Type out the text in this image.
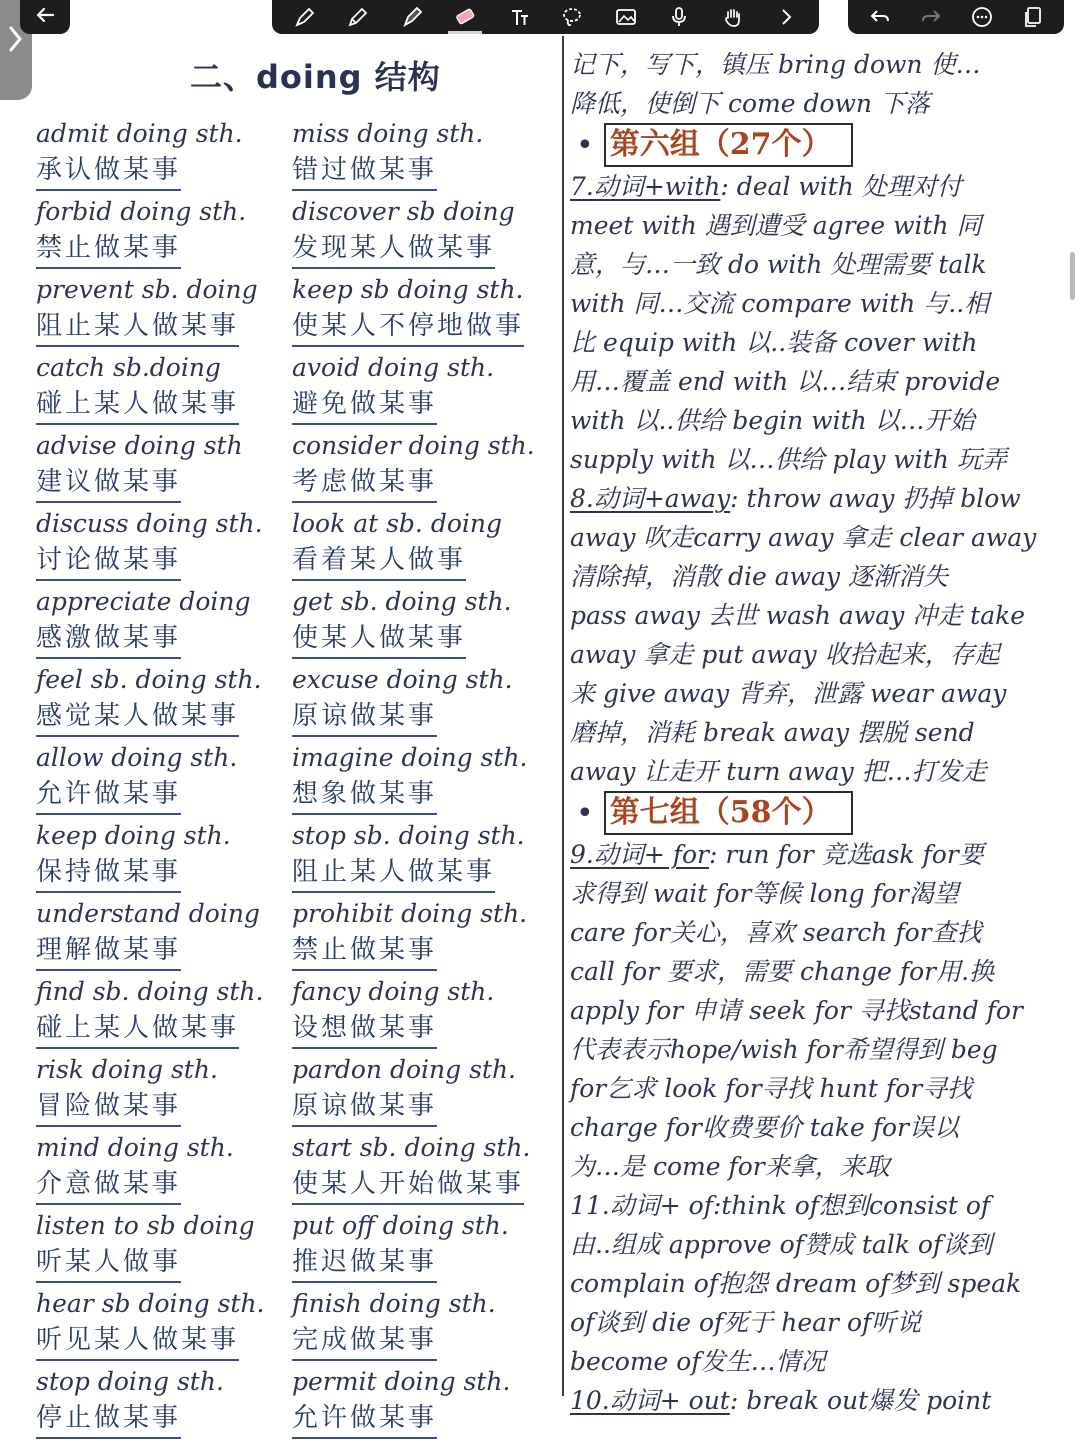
二、doing 结构
admit doing sth.
承认做某事
forbid doing sth.
禁止做某事
prevent sb. doing
阻止某人做某事
catch sb.doing
碰上某人做某事
advise doing sth
建议做某事
discuss doing sth.
讨论做某事
appreciate doing
感激做某事
feel sb. doing sth.
感觉某人做某事
allow doing sth.
允许做某事
keep doing sth.
保持做某事
understand doing
理解做某事
find sb. doing sth.
碰上某人做某事
risk doing sth.
冒险做某事
mind doing sth.
介意做某事
listen to sb doing
听某人做事
hear sb doing sth.
听见某人做某事
stop doing sth.
停止做某事
miss doing sth.
错过做某事
discover sb doing
发现某人做某事
keep sb doing sth.
使某人不停地做事
avoid doing sth.
避免做某事
consider doing sth.
考虑做某事
look at sb. doing
看着某人做事
get sb. doing sth.
使某人做某事
excuse doing sth.
原谅做某事
imagine doing sth.
想象做某事
stop sb. doing sth.
阻止某人做某事
prohibit doing sth.
禁止做某事
fancy doing sth.
设想做某事
pardon doing sth.
原谅做某事
start sb. doing sth.
使某人开始做某事
put off doing sth.
推迟做某事
finish doing sth.
完成做某事
permit doing sth.
允许做某事
记下，写下，镇压 bring down 使…
降低，使倒下 come down 下落
• 第六组（27个）
7.动词+with: deal with 处理对付
meet with 遇到遭受 agree with 同
意，与…一致 do with 处理需要 talk
with 同…交流 compare with 与..相
比 equip with 以..装备 cover with
用…覆盖 end with 以…结束 provide
with 以..供给 begin with 以…开始
supply with 以…供给 play with 玩弄
8.动词+away: throw away 扔掉 blow
away 吹走carry away 拿走 clear away
清除掉，消散 die away 逐渐消失
pass away 去世 wash away 冲走 take
away 拿走 put away 收拾起来，存起
来 give away 背弃，泄露 wear away
磨掉，消耗 break away 摆脱 send
away 让走开 turn away 把…打发走
• 第七组（58个）
9.动词+ for: run for 竞选ask for要
求得到 wait for等候 long for渴望
care for关心，喜欢 search for查找
call for 要求，需要 change for用.换
apply for 申请 seek for 寻找stand for
代表表示hope/wish for希望得到 beg
for乞求 look for寻找 hunt for寻找
charge for收费要价 take for误以
为…是 come for来拿，来取
11.动词+ of:think of想到consist of
由..组成 approve of赞成 talk of谈到
complain of抱怨 dream of梦到 speak
of谈到 die of死于 hear of听说
become of发生…情况
10.动词+ out: break out爆发 point
